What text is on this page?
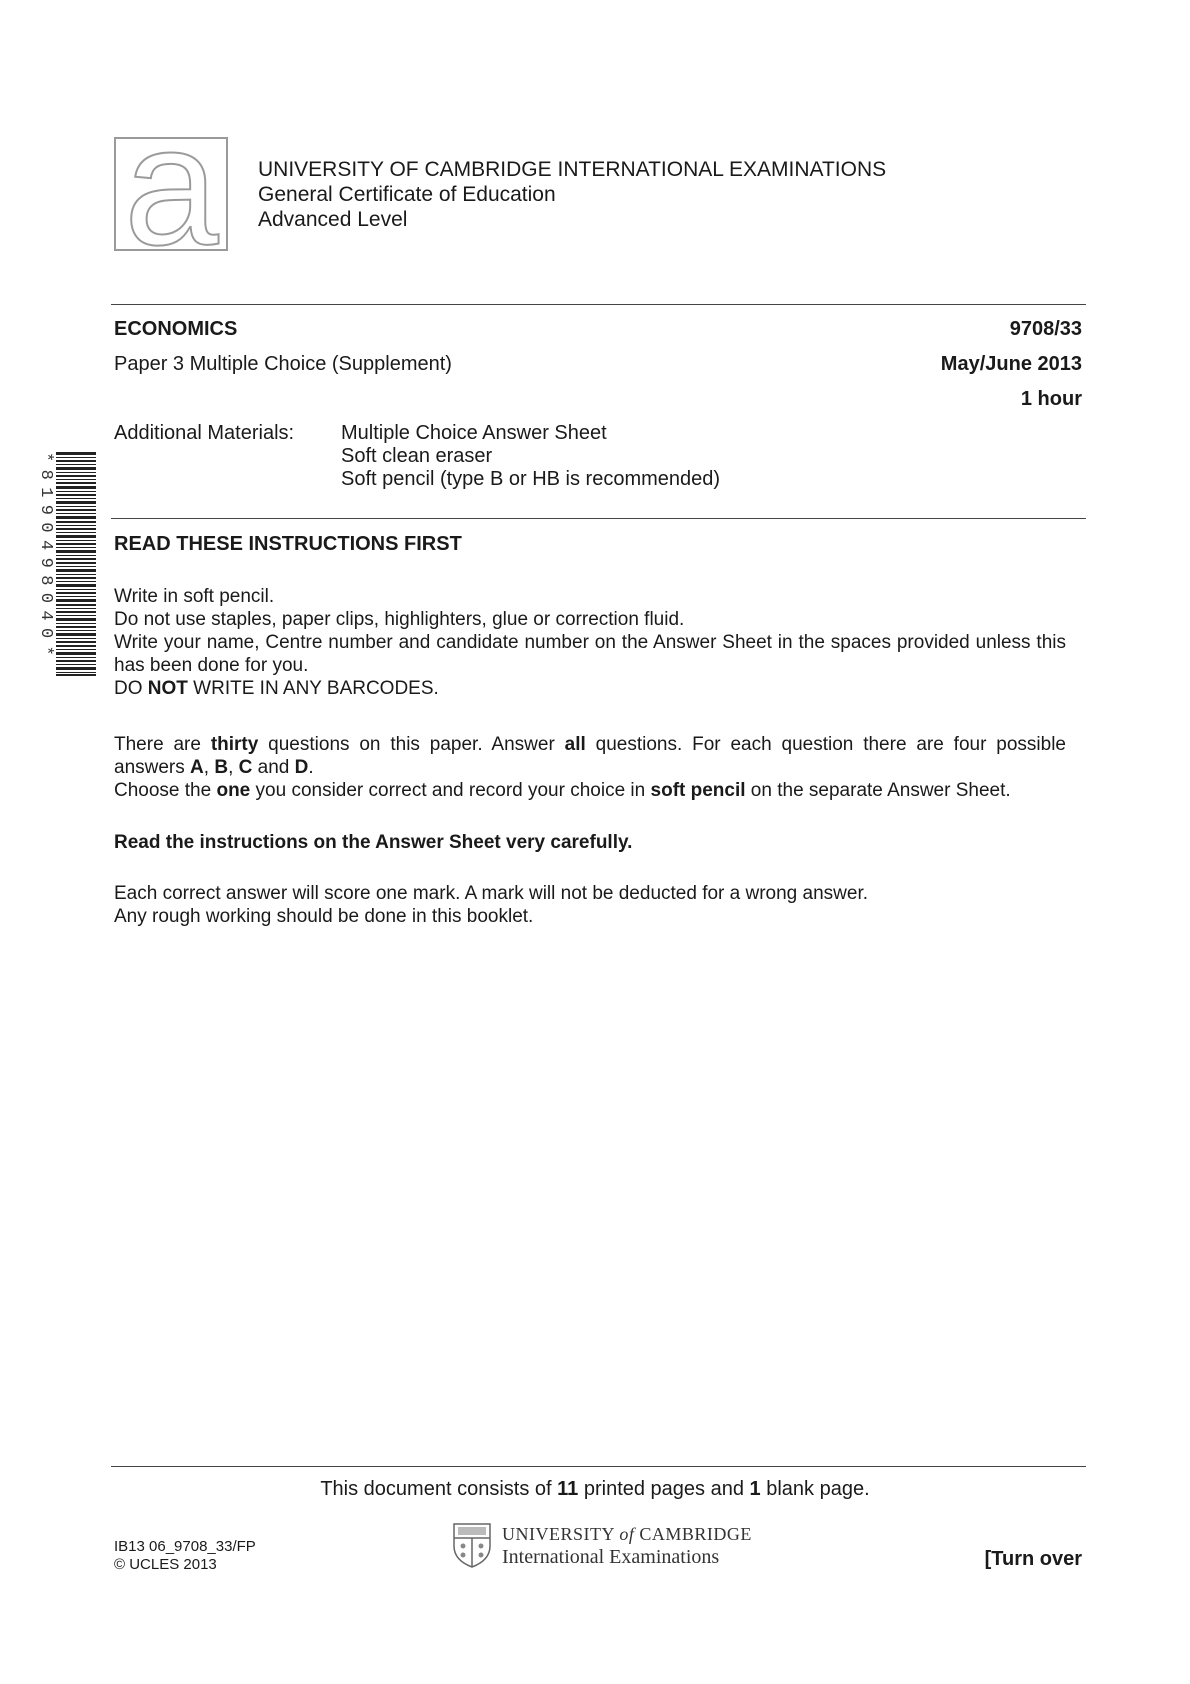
a UNIVERSITY OF CAMBRIDGE INTERNATIONAL EXAMINATIONS
General Certificate of Education
Advanced Level
ECONOMICS	9708/33
Paper 3 Multiple Choice (Supplement)	May/June 2013
1 hour
Additional Materials: Multiple Choice Answer Sheet
Soft clean eraser
Soft pencil (type B or HB is recommended)
*8190498040*	READ THESE INSTRUCTIONS FIRST

Write in soft pencil.

Do not use staples, paper clips, highlighters, glue or correction fluid.

Write your name, Centre number and candidate number on the Answer Sheet in the spaces provided unless this has been done for you.

DO NOT WRITE IN ANY BARCODES.

There are thirty questions on this paper. Answer all questions. For each question there are four possible answers A, B, C and D.

Choose the one you consider correct and record your choice in soft pencil on the separate Answer Sheet.

Read the instructions on the Answer Sheet very carefully.

Each correct answer will score one mark. A mark will not be deducted for a wrong answer.

Any rough working should be done in this booklet.

This document consists of 11 printed pages and 1 blank page.
IB13 06_9708_33/FP
© UCLES 2013
UNIVERSITY of CAMBRIDGE
International Examinations	[Turn over
